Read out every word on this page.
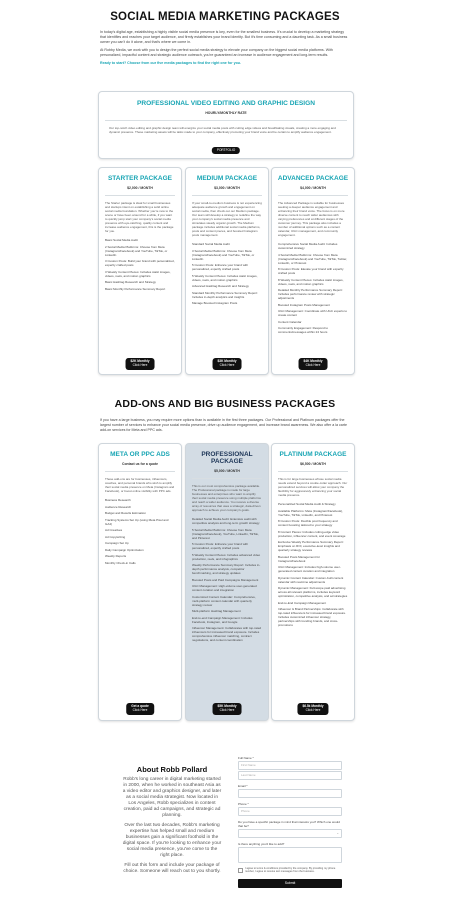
SOCIAL MEDIA MARKETING PACKAGES

In today's digital age, establishing a highly visible social media presence is key, even for the smallest business. It's crucial to develop a marketing strategy that identifies and reaches your target audience, and firmly establishes your brand identity. But it's time consuming and a daunting task. As a small business owner you can't do it alone, and that's where we come in.

At Robby Media, we work with you to design the perfect social media strategy to elevate your company on the biggest social media platforms. With personalized, impactful content and strategic audience outreach, you're guaranteed an increase in audience engagement and long-term results.

Ready to start? Choose from our five media packages to find the right one for you.

PROFESSIONAL VIDEO EDITING AND GRAPHIC DESIGN
HOURLY/MONTHLY RATE
Our top-notch video editing and graphic design team will energize your social media posts with cutting edge videos and breathtaking visuals, creating a more engaging and dynamic presence. These marketing assets will be tailor-made to your company, effectively promoting your brand voice and be certain to amplify audience engagement.
PORTFOLIO
STARTER PACKAGE
$2,000 / MONTH
The Starter package is ideal for small businesses and startups intent on establishing a solid online social media foundation. Whether you're new to the scene or have been around for a while, if you want to quickly jump start your company's social media presence with eye-catching, quality content and increase audience engagement, this is the package for you.
Basic Social Media Audit
2 Social Media Platforms: Choose from Meta (Instagram/Facebook) and YouTube, TikTok, or LinkedIn
3 Custom Posts: Build your brand with personalized, expertly crafted posts
3 Weekly Content Pieces: Includes static images, videos, reels, and motion graphics
Basic Hashtag Research and Strategy
Basic Monthly Performance Summary Report
$2K Monthly
Click Here
MEDIUM PACKAGE
$3,000 / MONTH
If your small-to-medium business is not experiencing adequate audience growth and engagement on social media, then check out our Medium package. Our team will develop a strategy to redefine the way your company's social media presence and stimulates steady organic growth. The Medium package includes additional social media platforms, posts and content pieces, and boosted Instagram posts management.
Standard Social Media Audit
3 Social Media Platforms: Choose from Meta (Instagram/Facebook) and YouTube, TikTok, or LinkedIn
5 Custom Posts: Enhance your brand with personalized, expertly crafted posts
5 Weekly Content Pieces: Includes static images, videos, reels, and motion graphics
Advanced Hashtag Research and Strategy
Standard Monthly Performance Summary Report: Includes in-depth analytics and insights
Manage Boosted Instagram Posts
$3K Monthly
Click Here
ADVANCED PACKAGE
$4,000 / MONTH
The Advanced Package is suitable for businesses seeking a deeper audience engagement and enhancing their brand voice. The focus is on more diverse content to reach wider audiences with varying preferences and at different stages of the customer journey. This package also includes a number of additional options such as a content calendar, UGC management, and community engagement.
Comprehensive Social Media Audit: Includes customized strategy
4 Social Media Platforms: Choose from Meta (Instagram/Facebook) and YouTube, TikTok, Twitter, LinkedIn, or Pinterest
8 Custom Posts: Elevate your brand with expertly crafted posts
8 Weekly Content Pieces: Includes static images, videos, reels, and motion graphics
Detailed Monthly Performance Summary Report: Includes performance review with strategic adjustments
Boosted Instagram Posts Management
UGC Management: Coordinate with UGC experts to create content
Content Calendar
Community Engagement: Respond to comments/messages within 24 hours
$4K Monthly
Click Here
ADD-ONS AND BIG BUSINESS PACKAGES
If you have a large business, you may require more options than is available in the first three packages. Our Professional and Platinum packages offer the largest number of services to enhance your social media presence, drive up audience engagement, and increase brand awareness. We also offer a la carte add-on services for Meta and PPC ads.
META OR PPC ADS
Contact us for a quote
These add-ons are for businesses, influencers, coaches, and personal brands who wish to amplify their social media presence on Meta (Instagram and Facebook), or boost online visibility with PPC ads.
Business Research
Audience Research
Budget and Results Estimation
Tracking Systems Set Up (using Meta Pixel and GA4)
Ad Creatives
Ad Copywriting
Campaign Set Up
Daily Campaign Optimization
Weekly Reports
Monthly Check-in Calls
Get a quote
Click Here
PROFESSIONAL PACKAGE
$5,000 / MONTH
This is our most comprehensive package available. The Professional package is made for large businesses and enterprises who want to amplify their social media presence using multiple platforms and reach a wider audience. You receive a diverse array of resources that uses a strategic, data-driven approach to achieve your company's goals.
Detailed Social Media Audit: Extensive audit with competitive analysis and long-term growth strategy
5 Social Media Platforms: Choose from Meta (Instagram/Facebook), YouTube, LinkedIn, TikTok, and Pinterest
5 Custom Posts: Enhance your brand with personalized, expertly crafted posts
5 Weekly Content Pieces: Includes advanced video production, reels, and infographics
Weekly Performance Summary Report: Includes in-depth performance analysis, competitor benchmarking, and strategy updates
Boosted Posts and Paid Campaigns Management
UGC Management: High-volume user-generated content curation and integration
Customized Content Calendar: Comprehensive, multi-platform content calendar with quarterly strategy review
Multi-platform Hashtag Management
End-to-end Campaign Management: Includes Facebook, Instagram, and Google
Influencer Management: Collaborates with top-rated influencers for increased brand exposure. Includes comprehensive influencer matching, contract negotiations, and content coordination
$5K Monthly
Click Here
PLATINUM PACKAGE
$6,500 / MONTH
This is for large businesses whose social media needs extend beyond a cookie-cutter approach. Our personalized services will allow your company the flexibility for aggressively enhancing your social media presence.
Personalized Social Media Audit & Strategy
Available Platforms: Meta (Instagram/Facebook), YouTube, TikTok, LinkedIn, and Pinterest
8 Custom Posts: Flexible post frequency and content boosting tailored to your strategy
8 Content Pieces: Includes cutting-edge video production, influencer content, and event coverage
Exclusive Weekly Performance Summary Report: Emphasis on ROI, executive-level insights and quarterly strategy reviews
Boosted Posts Management for Instagram/Facebook
UGC Management: Includes high-volume user-generated content curation and integration
Dynamic Content Calendar: Custom-built content calendar with real-time adjustments
Dynamic Management: Full-scope paid advertising across all relevant platforms, includes keyword optimization, competitive analysis, and ad strategies
End-to-End Campaign Management
Influencer & Brand Partnerships: Collaborate with top-rated influencers for increased brand exposure. Includes customized influencer strategy, partnerships with trending brands, and cross-promotions
$6.5k Monthly
Click Here
About Robb Pollard
Robb's long career in digital marketing started in 2000, when he worked in southeast Asia as a video editor and graphics designer, and later as a social media strategist. Now located in Los Angeles, Robb specializes in content creation, paid ad campaigns, and strategic ad planning.
Over the last two decades, Robb's marketing expertise has helped small and medium businesses gain a significant foothold in the digital space. If you're looking to enhance your social media presence, you've come to the right place.
Fill out this form and include your package of choice. Someone will reach out to you shortly.
Full Name *
First Name
Last Name
Email *
Phone *
Phone
Do you have a specific package in mind that interests you? Which one would that be?
⌄
Is there anything you'd like to add?
I agree to terms & conditions provided by the company. By providing my phone number, I agree to receive text messages from the business.
Submit
